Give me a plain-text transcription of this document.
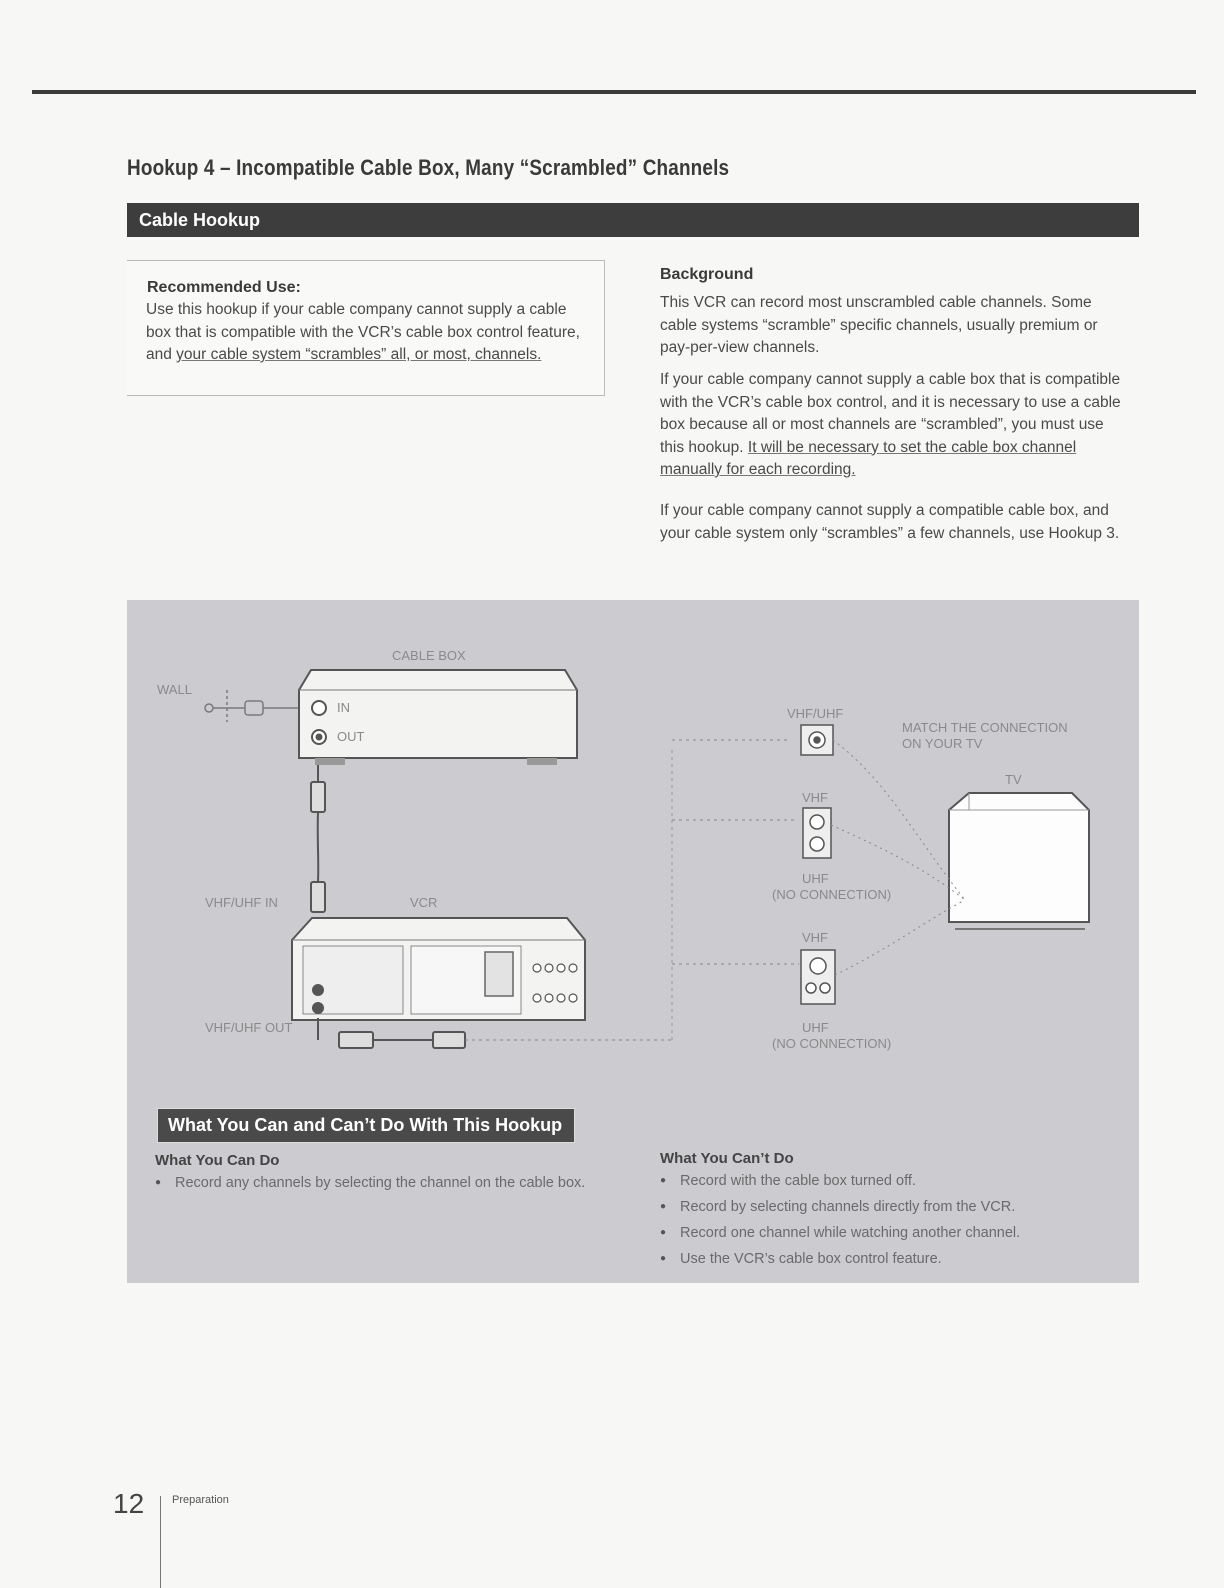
Hookup 4 – Incompatible Cable Box, Many “Scrambled” Channels
Cable Hookup
Recommended Use:
Use this hookup if your cable company cannot supply a cable box that is compatible with the VCR’s cable box control feature, and your cable system “scrambles” all, or most, channels.
Background

This VCR can record most unscrambled cable channels. Some cable systems “scramble” specific channels, usually premium or pay-per-view channels.

If your cable company cannot supply a cable box that is compatible with the VCR’s cable box control, and it is necessary to use a cable box because all or most channels are “scrambled”, you must use this hookup. It will be necessary to set the cable box channel manually for each recording.

If your cable company cannot supply a compatible cable box, and your cable system only “scrambles” a few channels, use Hookup 3.

WALL
CABLE BOX
IN
OUT
VHF/UHF IN	VCR
VHF/UHF OUT
VHF/UHF
MATCH THE CONNECTION
ON YOUR TV
VHF
UHF
(NO CONNECTION)
VHF
UHF
(NO CONNECTION)
TV
What You Can and Can’t Do With This Hookup
What You Can Do
● Record any channels by selecting the channel on the cable box.
What You Can’t Do
● Record with the cable box turned off.
● Record by selecting channels directly from the VCR.
● Record one channel while watching another channel.
● Use the VCR’s cable box control feature.
12	Preparation
